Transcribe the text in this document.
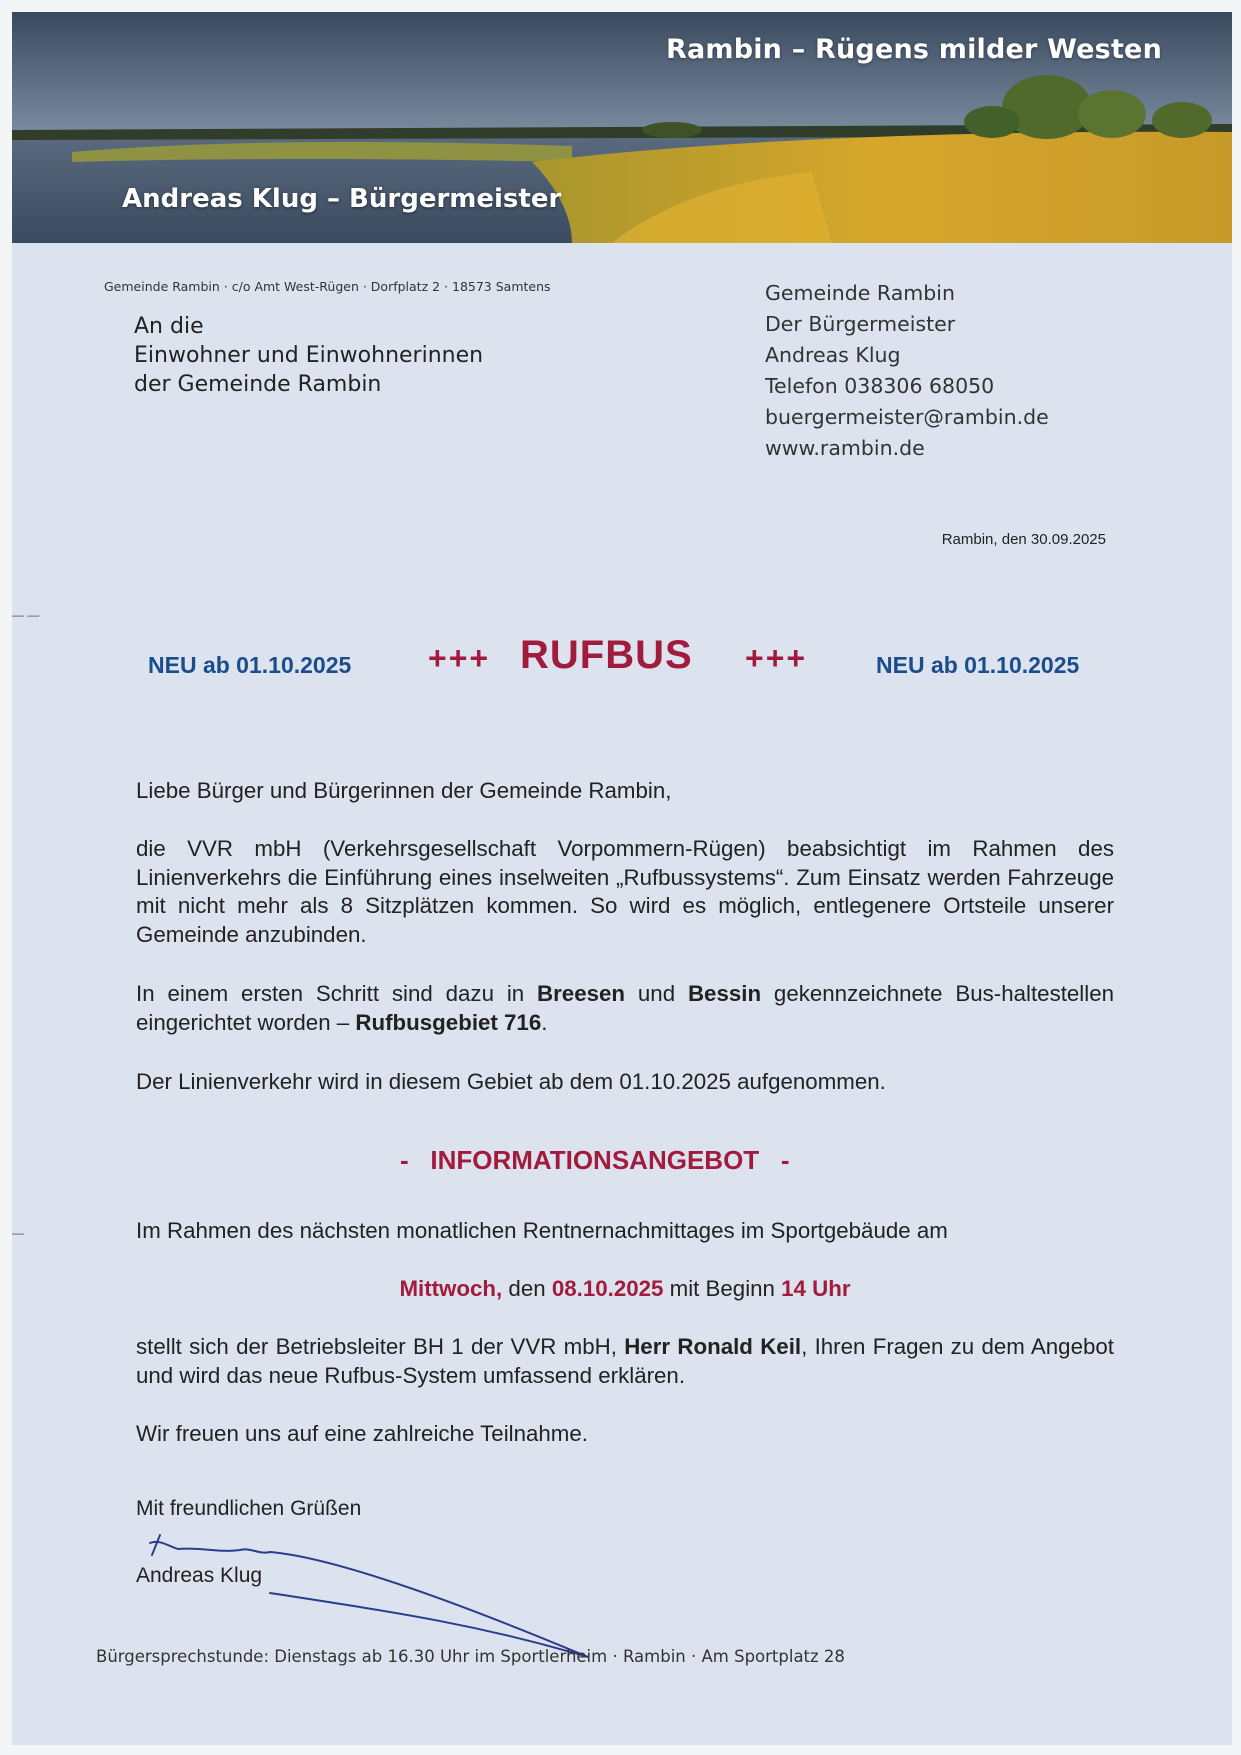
Rambin – Rügens milder Westen
Andreas Klug – Bürgermeister
Gemeinde Rambin · c/o Amt West-Rügen · Dorfplatz 2 · 18573 Samtens
An die
Einwohner und Einwohnerinnen
der Gemeinde Rambin
Gemeinde Rambin
Der Bürgermeister
Andreas Klug
Telefon 038306 68050
buergermeister@rambin.de
www.rambin.de
Rambin, den 30.09.2025
— —
—
NEU ab 01.10.2025 +++ RUFBUS +++	NEU ab 01.10.2025
Liebe Bürger und Bürgerinnen der Gemeinde Rambin,
die VVR mbH (Verkehrsgesellschaft Vorpommern-Rügen) beabsichtigt im Rahmen des Linienverkehrs die Einführung eines inselweiten „Rufbussystems“. Zum Einsatz werden Fahrzeuge mit nicht mehr als 8 Sitzplätzen kommen. So wird es möglich, entlegenere Ortsteile unserer Gemeinde anzubinden.
In einem ersten Schritt sind dazu in Breesen und Bessin gekennzeichnete Bus-haltestellen eingerichtet worden – Rufbusgebiet 716.
Der Linienverkehr wird in diesem Gebiet ab dem 01.10.2025 aufgenommen.
- INFORMATIONSANGEBOT -
Im Rahmen des nächsten monatlichen Rentnernachmittages im Sportgebäude am
Mittwoch, den 08.10.2025 mit Beginn 14 Uhr
stellt sich der Betriebsleiter BH 1 der VVR mbH, Herr Ronald Keil, Ihren Fragen zu dem Angebot und wird das neue Rufbus-System umfassend erklären.
Wir freuen uns auf eine zahlreiche Teilnahme.
Mit freundlichen Grüßen
Andreas Klug
Bürgersprechstunde: Dienstags ab 16.30 Uhr im Sportlerheim · Rambin · Am Sportplatz 28
